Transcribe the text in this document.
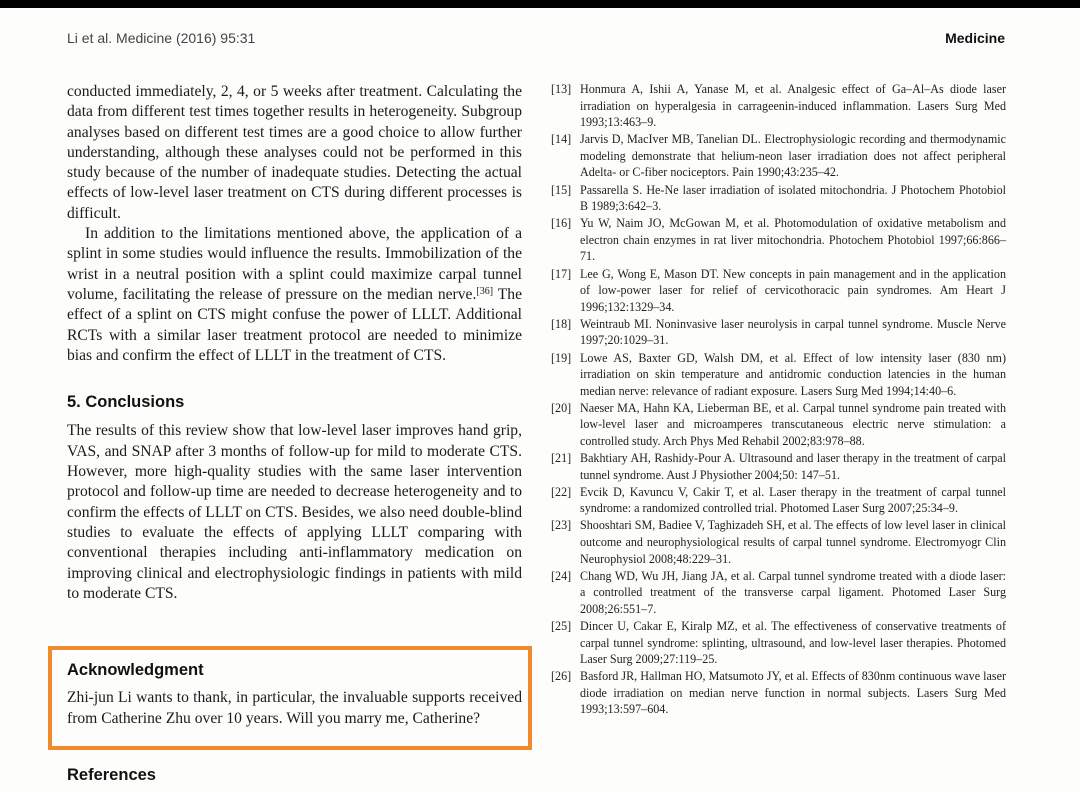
Li et al. Medicine (2016) 95:31	Medicine

conducted immediately, 2, 4, or 5 weeks after treatment. Calculating the data from different test times together results in heterogeneity. Subgroup analyses based on different test times are a good choice to allow further understanding, although these analyses could not be performed in this study because of the number of inadequate studies. Detecting the actual effects of low-level laser treatment on CTS during different processes is difficult.

In addition to the limitations mentioned above, the application of a splint in some studies would influence the results. Immobilization of the wrist in a neutral position with a splint could maximize carpal tunnel volume, facilitating the release of pressure on the median nerve.[36] The effect of a splint on CTS might confuse the power of LLLT. Additional RCTs with a similar laser treatment protocol are needed to minimize bias and confirm the effect of LLLT in the treatment of CTS.

5. Conclusions

The results of this review show that low-level laser improves hand grip, VAS, and SNAP after 3 months of follow-up for mild to moderate CTS. However, more high-quality studies with the same laser intervention protocol and follow-up time are needed to decrease heterogeneity and to confirm the effects of LLLT on CTS. Besides, we also need double-blind studies to evaluate the effects of applying LLLT comparing with conventional therapies including anti-inflammatory medication on improving clinical and electrophysiologic findings in patients with mild to moderate CTS.

Acknowledgment

Zhi-jun Li wants to thank, in particular, the invaluable supports received from Catherine Zhu over 10 years. Will you marry me, Catherine?

References
[13] Honmura A, Ishii A, Yanase M, et al. Analgesic effect of Ga–Al–As diode laser irradiation on hyperalgesia in carrageenin-induced inflammation. Lasers Surg Med 1993;13:463–9.
[14] Jarvis D, MacIver MB, Tanelian DL. Electrophysiologic recording and thermodynamic modeling demonstrate that helium-neon laser irradiation does not affect peripheral Adelta- or C-fiber nociceptors. Pain 1990;43:235–42.
[15] Passarella S. He-Ne laser irradiation of isolated mitochondria. J Photochem Photobiol B 1989;3:642–3.
[16] Yu W, Naim JO, McGowan M, et al. Photomodulation of oxidative metabolism and electron chain enzymes in rat liver mitochondria. Photochem Photobiol 1997;66:866–71.
[17] Lee G, Wong E, Mason DT. New concepts in pain management and in the application of low-power laser for relief of cervicothoracic pain syndromes. Am Heart J 1996;132:1329–34.
[18] Weintraub MI. Noninvasive laser neurolysis in carpal tunnel syndrome. Muscle Nerve 1997;20:1029–31.
[19] Lowe AS, Baxter GD, Walsh DM, et al. Effect of low intensity laser (830 nm) irradiation on skin temperature and antidromic conduction latencies in the human median nerve: relevance of radiant exposure. Lasers Surg Med 1994;14:40–6.
[20] Naeser MA, Hahn KA, Lieberman BE, et al. Carpal tunnel syndrome pain treated with low-level laser and microamperes transcutaneous electric nerve stimulation: a controlled study. Arch Phys Med Rehabil 2002;83:978–88.
[21] Bakhtiary AH, Rashidy-Pour A. Ultrasound and laser therapy in the treatment of carpal tunnel syndrome. Aust J Physiother 2004;50: 147–51.
[22] Evcik D, Kavuncu V, Cakir T, et al. Laser therapy in the treatment of carpal tunnel syndrome: a randomized controlled trial. Photomed Laser Surg 2007;25:34–9.
[23] Shooshtari SM, Badiee V, Taghizadeh SH, et al. The effects of low level laser in clinical outcome and neurophysiological results of carpal tunnel syndrome. Electromyogr Clin Neurophysiol 2008;48:229–31.
[24] Chang WD, Wu JH, Jiang JA, et al. Carpal tunnel syndrome treated with a diode laser: a controlled treatment of the transverse carpal ligament. Photomed Laser Surg 2008;26:551–7.
[25] Dincer U, Cakar E, Kiralp MZ, et al. The effectiveness of conservative treatments of carpal tunnel syndrome: splinting, ultrasound, and low-level laser therapies. Photomed Laser Surg 2009;27:119–25.
[26] Basford JR, Hallman HO, Matsumoto JY, et al. Effects of 830nm continuous wave laser diode irradiation on median nerve function in normal subjects. Lasers Surg Med 1993;13:597–604.
